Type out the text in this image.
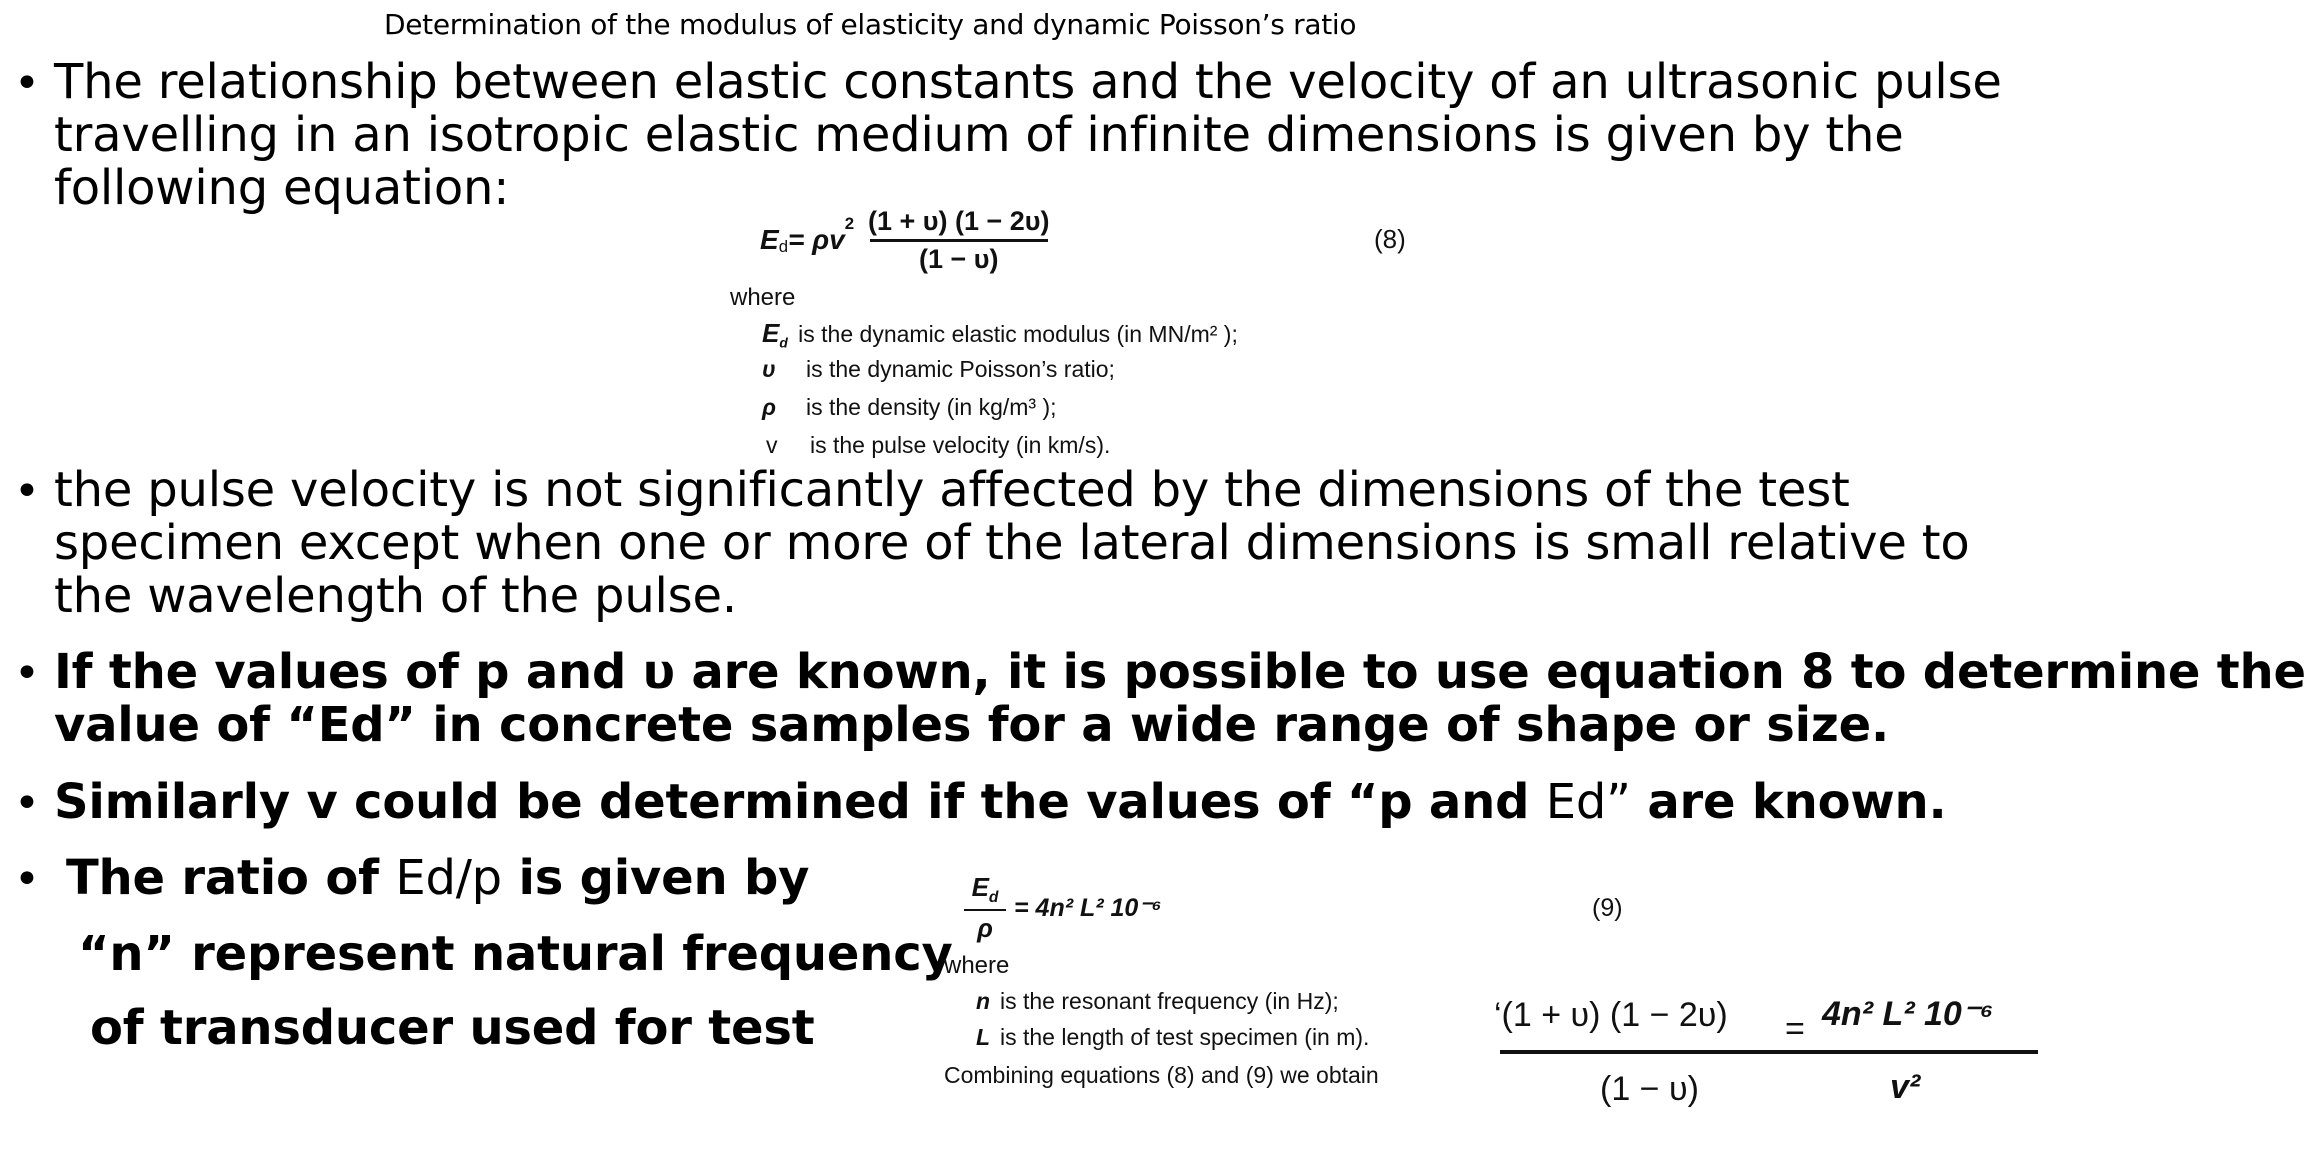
Determination of the modulus of elasticity and dynamic Poisson’s ratio
• The relationship between elastic constants and the velocity of an ultrasonic pulse travelling in an isotropic elastic medium of infinite dimensions is given by the following equation:
$E_d = \rho v$
$^2 \frac{(1 + \upsilon) (1 - 2\upsilon)}{(1 - \upsilon)}$	(8)
where
$E_d$ is the dynamic elastic modulus (in MN/m² );
υ is the dynamic Poisson’s ratio;
ρ is the density (in kg/m³ );
v is the pulse velocity (in km/s).
• the pulse velocity is not significantly affected by the dimensions of the test specimen except when one or more of the lateral dimensions is small relative to the wavelength of the pulse.
• If the values of p and υ are known, it is possible to use equation 8 to determine the
value of “Ed” in concrete samples for a wide range of shape or size.
• Similarly v could be determined if the values of “p and Ed” are known.
• The ratio of Ed/p is given by
“n” represent natural frequency
of transducer used for test
$\frac{E_d}{\rho} = 4n^2$ L² 10⁻⁶	(9)
where
n is the resonant frequency (in Hz);
L is the length of test specimen (in m).
Combining equations (8) and (9) we obtain
‘(1 + υ) (1 − 2υ) = 4n² L² 10⁻⁶
(1 − υ)	v²
